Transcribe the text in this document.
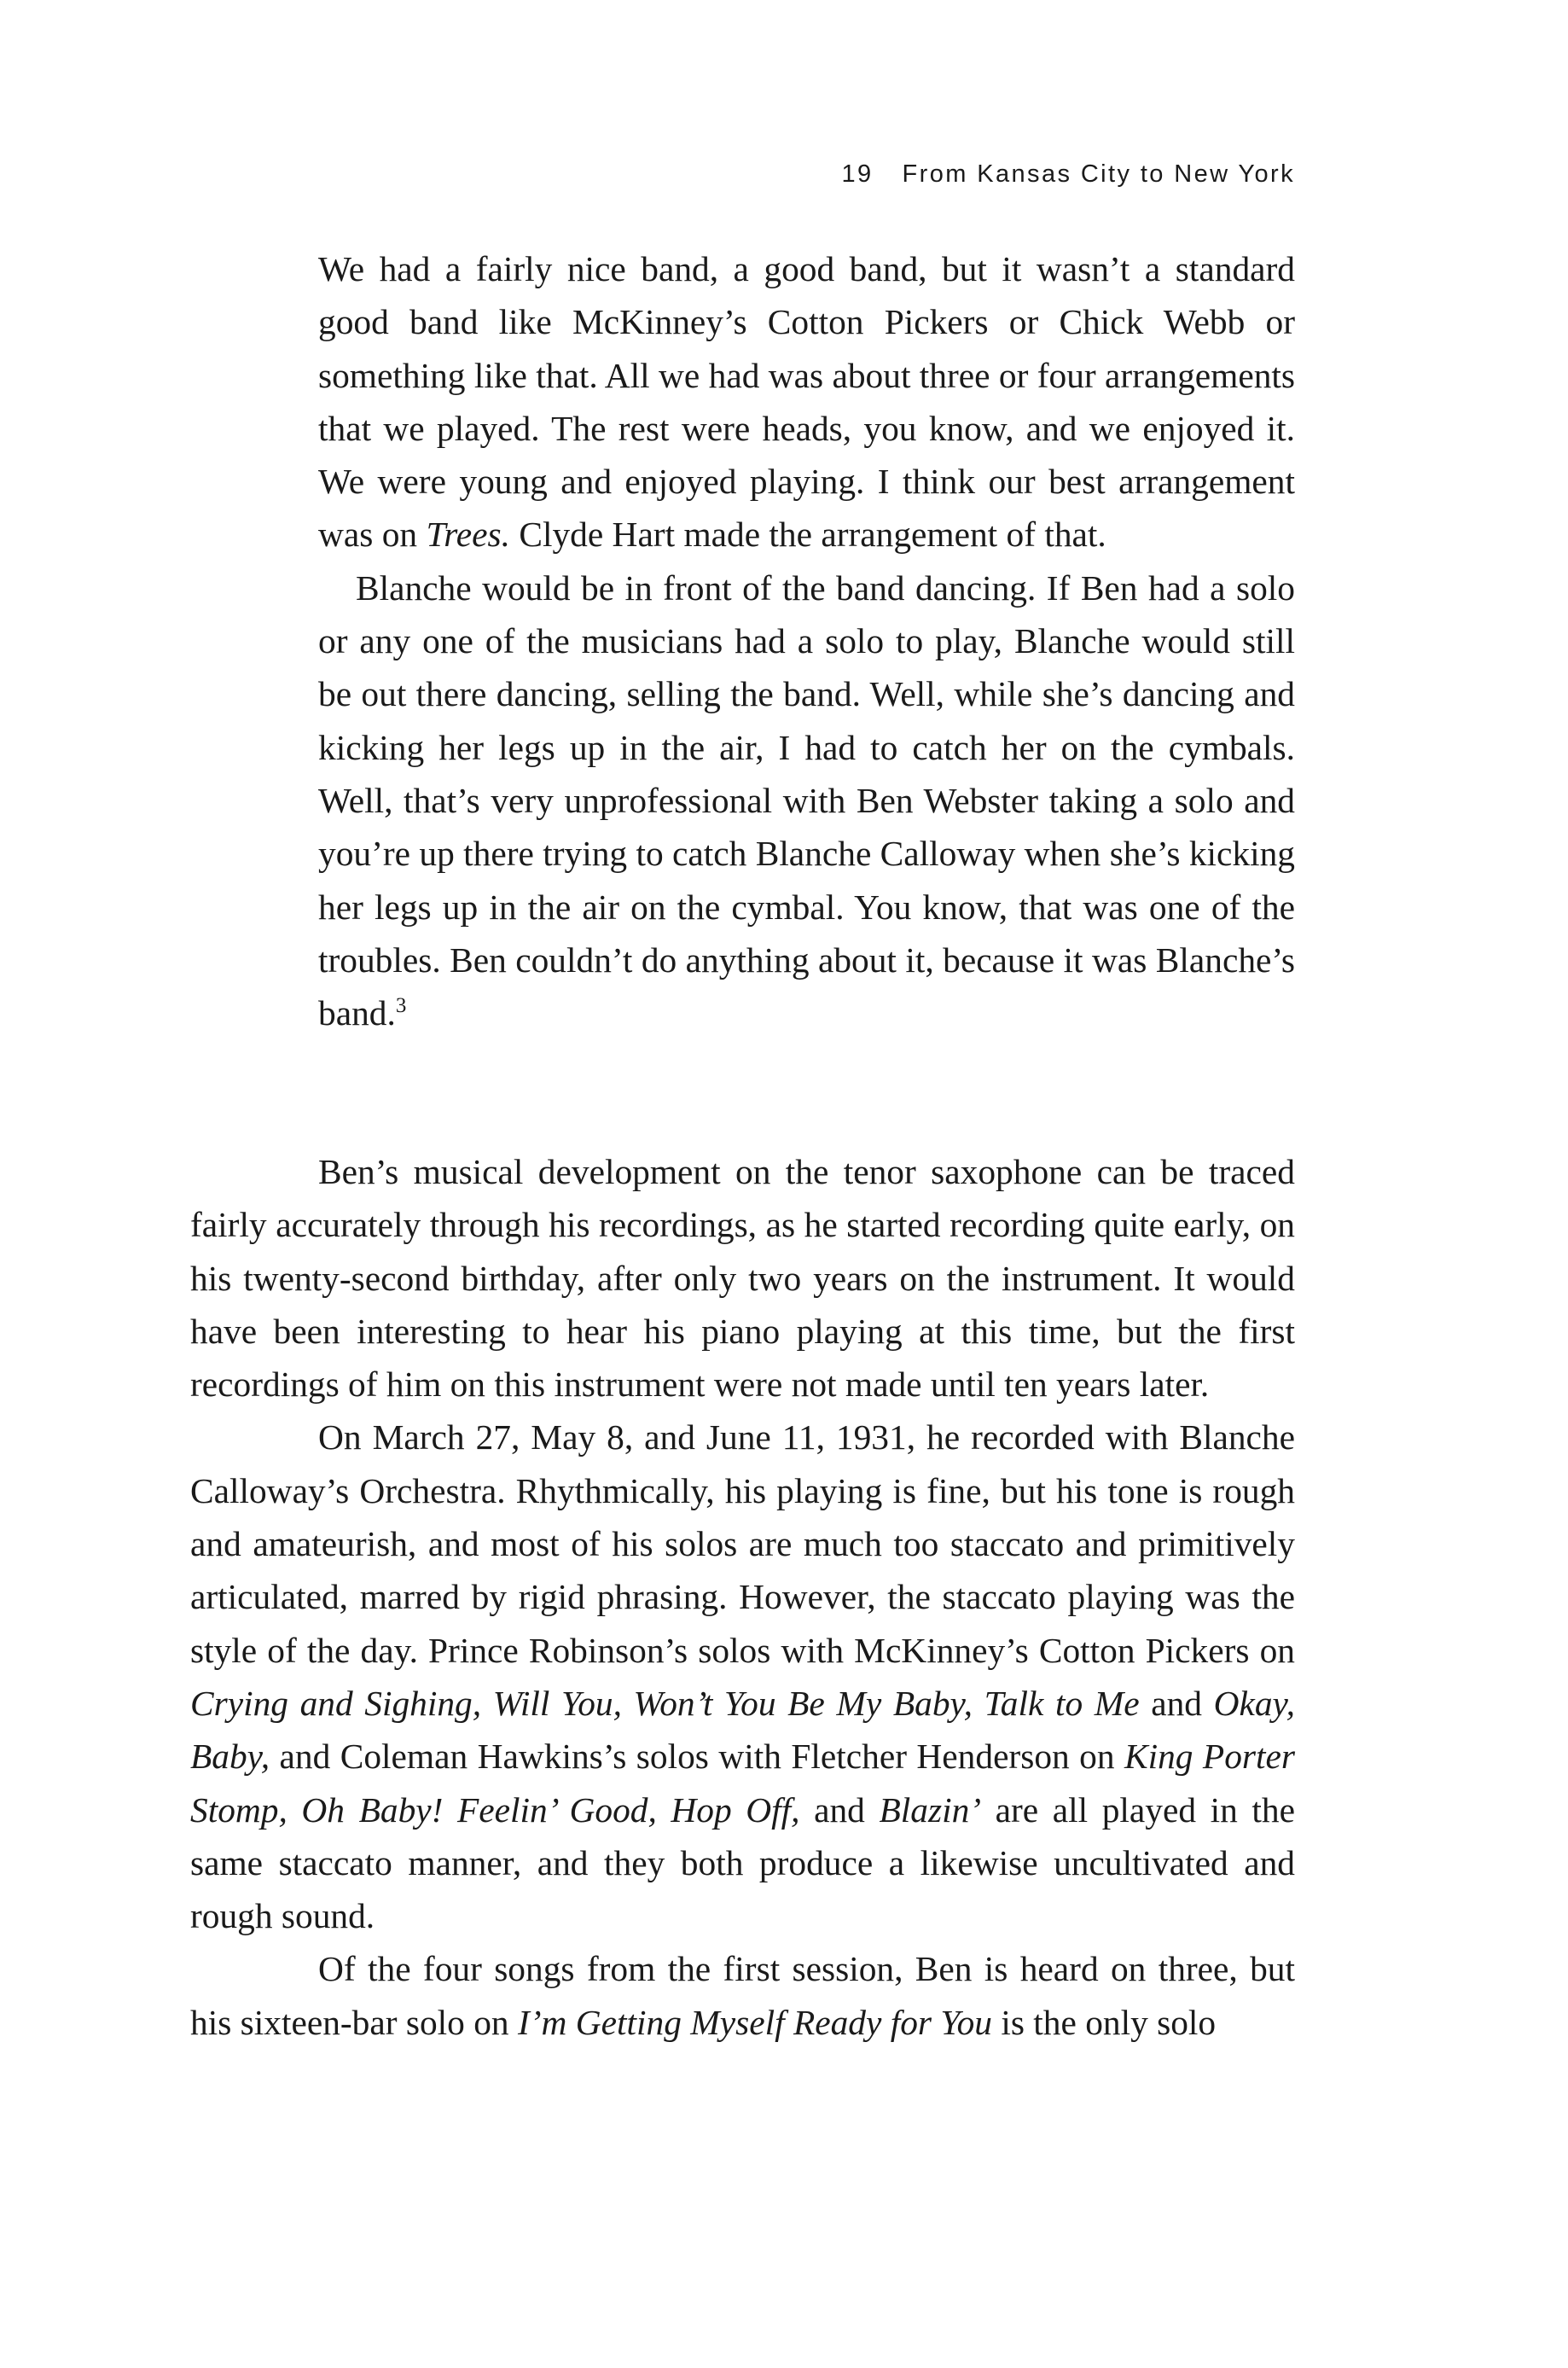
19 From Kansas City to New York

We had a fairly nice band, a good band, but it wasn’t a standard good band like McKinney’s Cotton Pickers or Chick Webb or something like that. All we had was about three or four arrangements that we played. The rest were heads, you know, and we enjoyed it. We were young and enjoyed playing. I think our best arrangement was on Trees. Clyde Hart made the arrangement of that.

Blanche would be in front of the band dancing. If Ben had a solo or any one of the musicians had a solo to play, Blanche would still be out there dancing, selling the band. Well, while she’s dancing and kicking her legs up in the air, I had to catch her on the cymbals. Well, that’s very unprofessional with Ben Webster taking a solo and you’re up there trying to catch Blanche Calloway when she’s kicking her legs up in the air on the cymbal. You know, that was one of the troubles. Ben couldn’t do anything about it, because it was Blanche’s band.$^3$

Ben’s musical development on the tenor saxophone can be traced fairly accurately through his recordings, as he started recording quite early, on his twenty-second birthday, after only two years on the instrument. It would have been interesting to hear his piano playing at this time, but the first recordings of him on this instrument were not made until ten years later.

On March 27, May 8, and June 11, 1931, he recorded with Blanche Calloway’s Orchestra. Rhythmically, his playing is fine, but his tone is rough and amateurish, and most of his solos are much too staccato and primitively articulated, marred by rigid phrasing. However, the staccato playing was the style of the day. Prince Robinson’s solos with McKinney’s Cotton Pickers on Crying and Sighing, Will You, Won’t You Be My Baby, Talk to Me and Okay, Baby, and Coleman Hawkins’s solos with Fletcher Henderson on King Porter Stomp, Oh Baby! Feelin’ Good, Hop Off, and Blazin’ are all played in the same staccato manner, and they both produce a likewise uncultivated and rough sound.

Of the four songs from the first session, Ben is heard on three, but his sixteen-bar solo on I’m Getting Myself Ready for You is the only solo
